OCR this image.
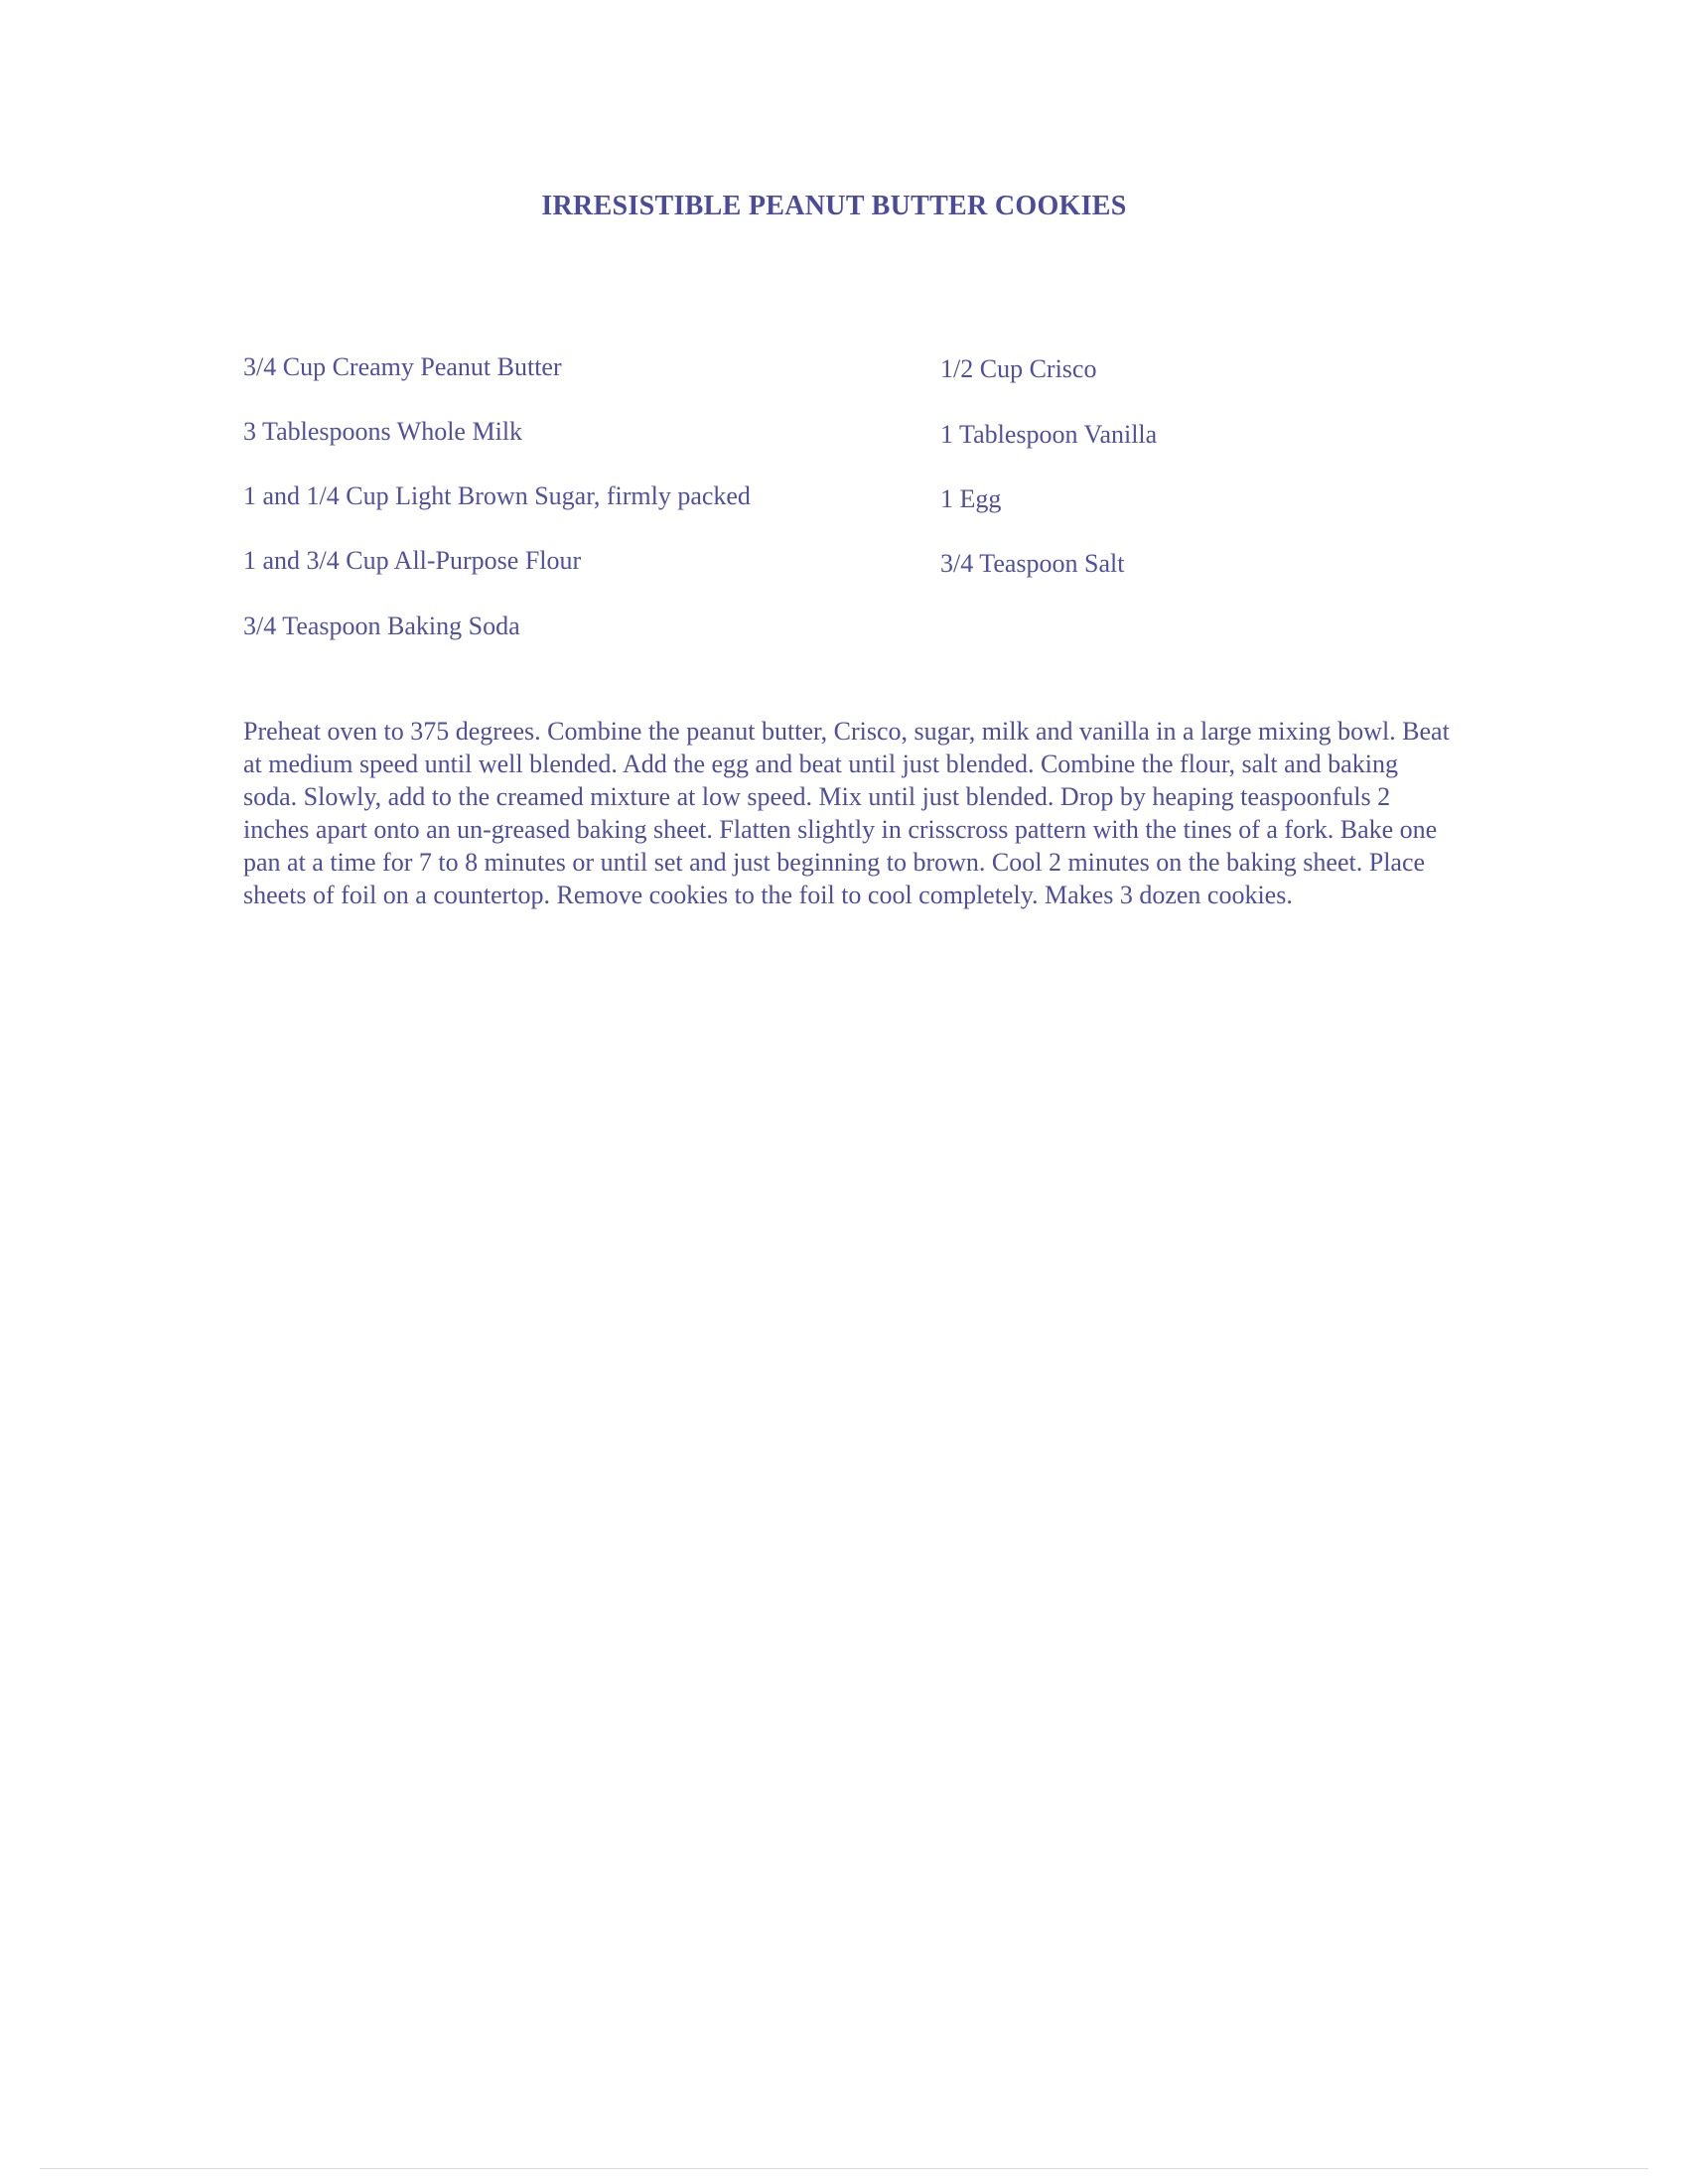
IRRESISTIBLE PEANUT BUTTER COOKIES
3/4 Cup Creamy Peanut Butter
3 Tablespoons Whole Milk
1 and 1/4 Cup Light Brown Sugar, firmly packed
1 and 3/4 Cup All-Purpose Flour
3/4 Teaspoon Baking Soda
1/2 Cup Crisco
1 Tablespoon Vanilla
1 Egg
3/4 Teaspoon Salt
Preheat oven to 375 degrees. Combine the peanut butter, Crisco, sugar, milk and vanilla in a large mixing bowl. Beat at medium speed until well blended. Add the egg and beat until just blended. Combine the flour, salt and baking soda. Slowly, add to the creamed mixture at low speed. Mix until just blended. Drop by heaping teaspoonfuls 2 inches apart onto an un-greased baking sheet. Flatten slightly in crisscross pattern with the tines of a fork. Bake one pan at a time for 7 to 8 minutes or until set and just beginning to brown. Cool 2 minutes on the baking sheet. Place sheets of foil on a countertop. Remove cookies to the foil to cool completely. Makes 3 dozen cookies.
